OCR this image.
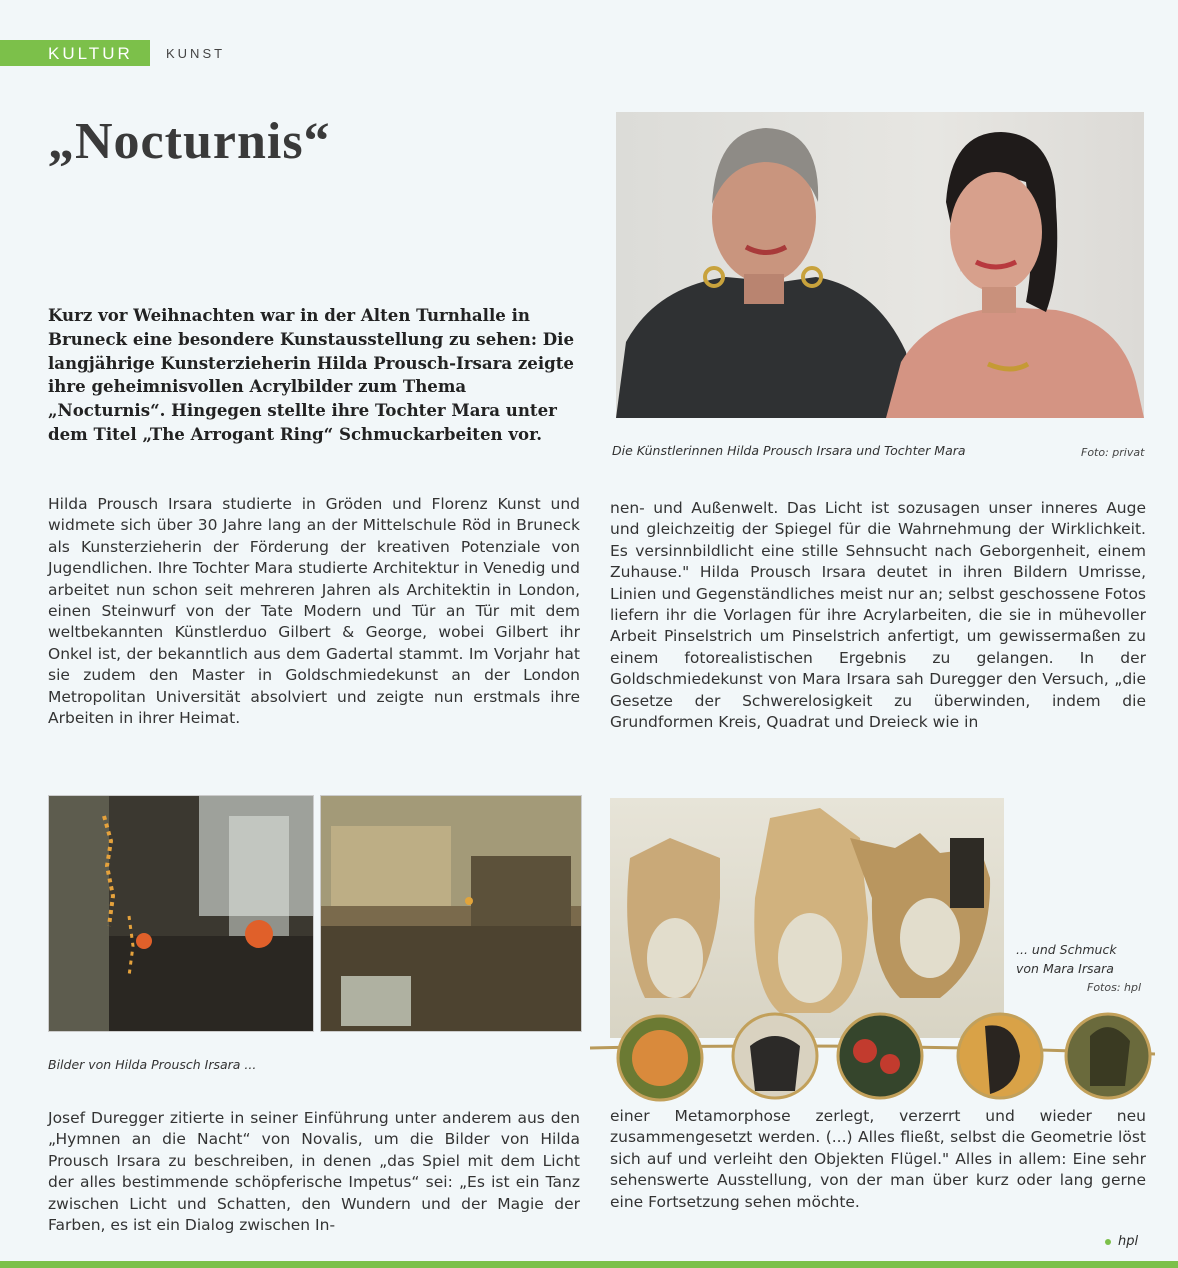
KULTUR	KUNST
„Nocturnis“
Die Künstlerinnen Hilda Prousch Irsara und Tochter Mara	Foto: privat
Kurz vor Weihnachten war in der Alten Turnhalle in Bruneck eine besondere Kunstausstellung zu sehen: Die langjährige Kunsterzieherin Hilda Prousch-Irsara zeigte ihre geheimnisvollen Acrylbilder zum Thema „Nocturnis“. Hingegen stellte ihre Tochter Mara unter dem Titel „The Arrogant Ring“ Schmuckarbeiten vor.
Hilda Prousch Irsara studierte in Gröden und Florenz Kunst und widmete sich über 30 Jahre lang an der Mittelschule Röd in Bruneck als Kunsterzieherin der Förderung der kreativen Potenziale von Jugendlichen. Ihre Tochter Mara studierte Architektur in Venedig und arbeitet nun schon seit mehreren Jahren als Architektin in London, einen Steinwurf von der Tate Modern und Tür an Tür mit dem weltbekannten Künstlerduo Gilbert & George, wobei Gilbert ihr Onkel ist, der bekanntlich aus dem Gadertal stammt. Im Vorjahr hat sie zudem den Master in Goldschmiedekunst an der London Metropolitan Universität absolviert und zeigte nun erstmals ihre Arbeiten in ihrer Heimat.
nen- und Außenwelt. Das Licht ist sozusagen unser inneres Auge und gleichzeitig der Spiegel für die Wahrnehmung der Wirklichkeit. Es versinnbildlicht eine stille Sehnsucht nach Geborgenheit, einem Zuhause." Hilda Prousch Irsara deutet in ihren Bildern Umrisse, Linien und Gegenständliches meist nur an; selbst geschossene Fotos liefern ihr die Vorlagen für ihre Acrylarbeiten, die sie in mühevoller Arbeit Pinselstrich um Pinselstrich anfertigt, um gewissermaßen zu einem fotorealistischen Ergebnis zu gelangen. In der Goldschmiedekunst von Mara Irsara sah Duregger den Versuch, „die Gesetze der Schwerelosigkeit zu überwinden, indem die Grundformen Kreis, Quadrat und Dreieck wie in
Bilder von Hilda Prousch Irsara ...
... und Schmuck
von Mara Irsara
Fotos: hpl
Josef Duregger zitierte in seiner Einführung unter anderem aus den „Hymnen an die Nacht“ von Novalis, um die Bilder von Hilda Prousch Irsara zu beschreiben, in denen „das Spiel mit dem Licht der alles bestimmende schöpferische Impetus“ sei: „Es ist ein Tanz zwischen Licht und Schatten, den Wundern und der Magie der Farben, es ist ein Dialog zwischen In-
einer Metamorphose zerlegt, verzerrt und wieder neu zusammengesetzt werden. (...) Alles fließt, selbst die Geometrie löst sich auf und verleiht den Objekten Flügel." Alles in allem: Eine sehr sehenswerte Ausstellung, von der man über kurz oder lang gerne eine Fortsetzung sehen möchte.
hpl
